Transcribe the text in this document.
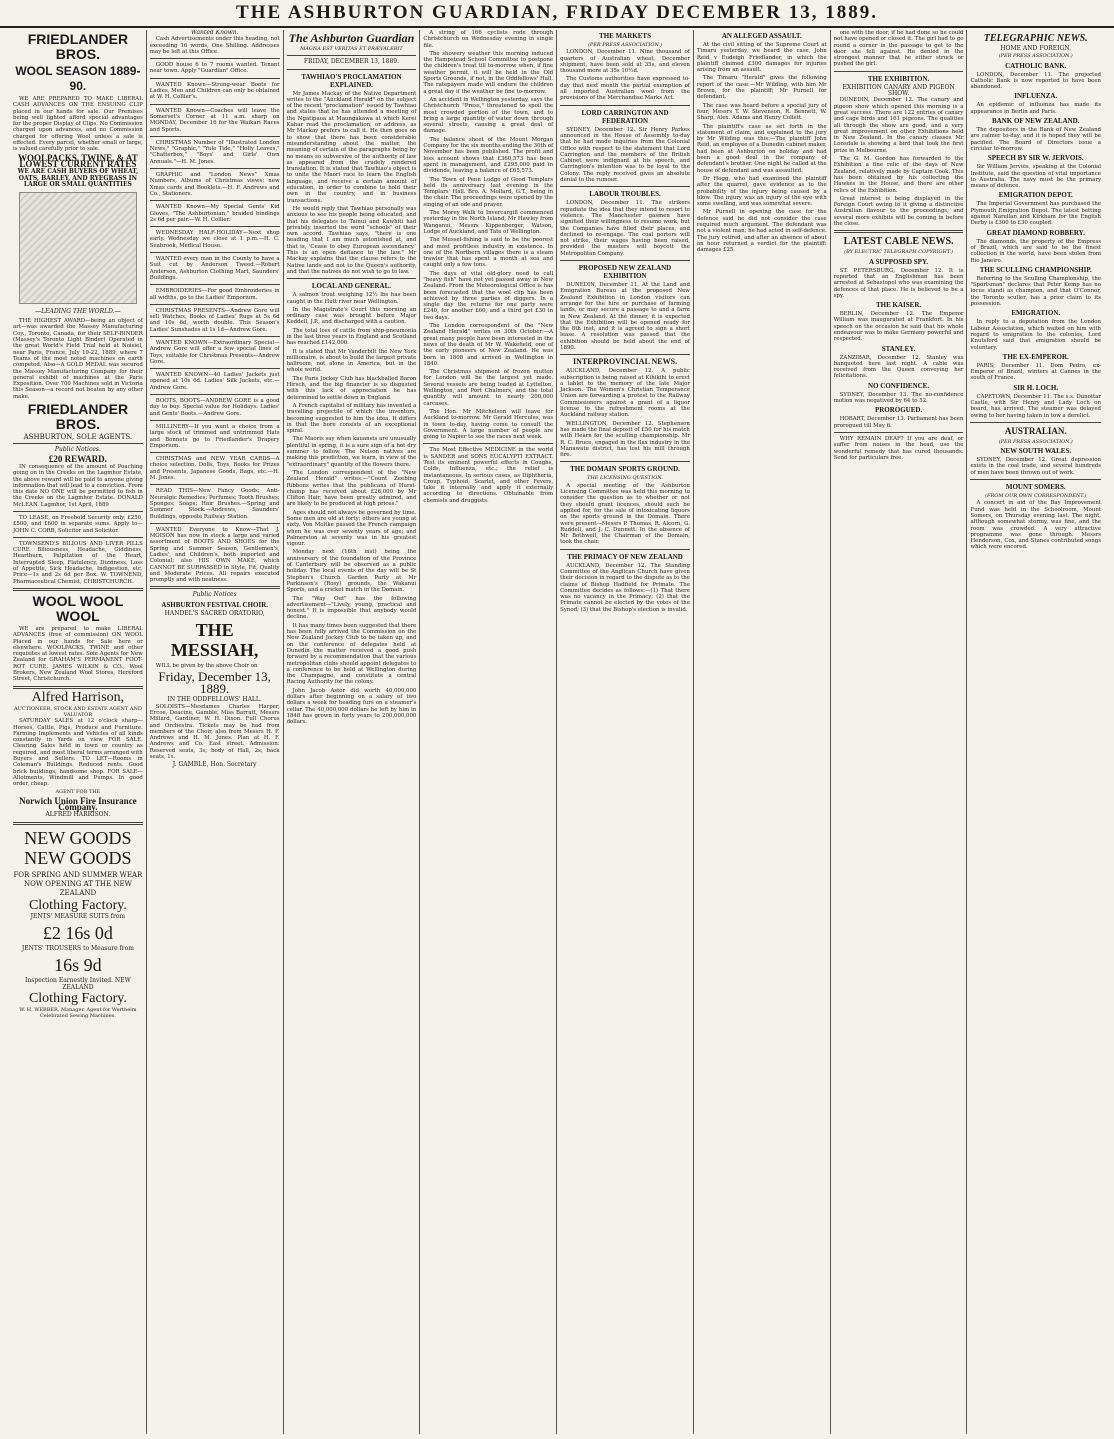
THE ASHBURTON GUARDIAN, FRIDAY DECEMBER 13, 1889.
FRIEDLANDER BROS.
WOOL SEASON 1889-90.

WE ARE PREPARED TO MAKE LIBERAL CASH ADVANCES ON THE ENSUING CLIP placed in our hands for sale. Our Premises being well lighted afford special advantages for the proper Display of Clips. No Commission charged upon advances, and no Commission charged for offering Wool unless a sale is effected. Every parcel, whether small or large, is valued carefully prior to sale.

WOOLPACKS, TWINE, & AT LOWEST CURRENT RATES
WE ARE CASH BUYERS OF WHEAT, OATS, BARLEY, AND RYEGRASS IN LARGE OR SMALL QUANTITIES
—LEADING THE WORLD.—

THE HIGHEST AWARD—being an object of art—was awarded the Massey Manufacturing Coy., Toronto, Canada, for their SELF-BINDER (Massey's Toronto Light Binder) Operated in the great World's Field Trial held at Noisiel, near Paris, France, July 19-22, 1889, where 7 Teams of the most noted machines on earth competed. Also—A GOLD MEDAL was secured the Massey Manufacturing Company for their general exhibit of machines at the Paris Exposition. Over 700 Machines sold in Victoria this Season—a record not beaten by any other make.

FRIEDLANDER BROS.
ASHBURTON, SOLE AGENTS.
Public Notices.
£20 REWARD.

IN consequence of the amount of Poaching going on in the Creeks on the Lagmhor Estate, the above reward will be paid to anyone giving information that will lead to a conviction. From this date NO ONE will be permitted to fish in the Creeks on the Lagmhor Estate. DONALD McLEAN. Lagmhor, 1st April, 1889

TO LEASE, on Freehold Security only, £250, £500, and £600 in separate sums. Apply to— JOHN C. CORB, Solicitor and Solicitor.

TOWNSEND'S BILIOUS AND LIVER PILLS CURE Biliousness, Headache, Giddiness, Heartburn, Palpitation of the Heart, Interrupted Sleep, Flatulency, Dizziness, Loss of Appetite, Sick Headache, Indigestion, etc. Price—1s and 2s 6d per Box. W. TOWNEND, Pharmaceutical Chemist, CHRISTCHURCH.

WOOL WOOL WOOL

WE are prepared to make LIBERAL ADVANCES (free of commission) ON WOOL Placed in our hands for Sale here or elsewhere. WOOLPACKS, TWINE and other requisites at lowest rates. Sole Agents for New Zealand for GRAHAM'S PERMANENT FOOT-ROT CURE. JAMES WILKIN & CO., Wool Brokers, New Zealand Wool Stores, Hereford Street, Christchurch.

Alfred Harrison,
AUCTIONEER, STOCK AND ESTATE AGENT AND VALUATOR

SATURDAY SALES at 12 o'clock sharp—Horses, Cattle, Pigs, Produce and Furniture. Farming Implements and Vehicles of all kinds constantly in Yards on view FOR SALE. Clearing Sales held in town or country as required, and most liberal terms arranged with Buyers and Sellers. TO LET—Rooms in Coleman's Buildings. Reduced rents. Good brick buildings; handsome shop. FOR SALE—Allotments, Windmill and Pumps. In good order, cheap.

AGENT FOR THE
Norwich Union Fire Insurance Company.
ALFRED HARRISON.
NEW GOODS NEW GOODS
FOR SPRING AND SUMMER WEAR NOW OPENING AT THE NEW ZEALAND
Clothing Factory.
JENTS' MEASURE SUITS from
£2 16s 0d
JENTS' TROUSERS to Measure from
16s 9d
Inspection Earnestly Invited. NEW ZEALAND
Clothing Factory.
W. H. WEBBER, Manager. Agent for Wertheim Celebrated Sewing Machines.
Wanted Known.

Cash Advertisements under this heading, not exceeding 16 words, One Shilling. Addresses may be left at this Office.

GOOD house 6 to 7 rooms wanted. Tenant near town. Apply "Guardian" Office.

WANTED Known—Strong-wear Boots for Ladies, Men and Children can only be obtained at W. H. Collier's.

WANTED Known—Coaches will leave the Somerset's Corner at 11 a.m. sharp on MONDAY, December 16 for the Waikari Races and Sports.

CHRISTMAS Number of "Illustrated London News," "Graphic," "Yule Tide," "Holly Leaves," "Chatterbox," "Boys' and Girls' Own Annuals."—H. M. Jones.

GRAPHIC and "London News" Xmas Numbers, Albums of Christmas views; new Xmas cards and Booklets.—H. F. Andrews and Co., Stationers.

WANTED Known—My Special Gents' Kid Gloves, "The Ashburtonian," braided bindings 2s 6d per pair.—W. H. Collier.

WEDNESDAY HALF-HOLIDAY—Next shop early. Wednesday we close at 1 p.m.—H. C. Seabrook, Medical House.

WANTED every man in the County to have a Suit cut by Anderson Tweed.—Robert Anderson, Ashburton Clothing Mart, Saunders' Buildings.

EMBROIDERIES—For good Embroideries in all widths, go to the Ladies' Emporium.

CHRISTMAS PRESENTS—Andrew Gore will sell Watches, Books of Ladies' Rugs at 5s 6d and 10s 6d, worth double. This Season's Ladies' Sunshades at 1s 1d—Andrew Gore.

WANTED KNOWN—Extraordinary Special—Andrew Gore will offer a few special lines of Toys, suitable for Christmas Presents—Andrew Gore.

WANTED KNOWN—40 Ladies' Jackets just opened at 10s 6d. Ladies' Silk Jackets, etc.—Andrew Gore.

BOOTS, BOOTS—ANDREW GORE is a good day to buy. Special value for Holidays. Ladies' and Gents' Boots.—Andrew Gore.

MILLINERY—If you want a choice from a large stock of trimmed and untrimmed Hats and Bonnets go to Friedlander's Drapery Emporium.

CHRISTMAS and NEW YEAR CARDS—A choice selection. Dolls, Toys, Books for Prizes and Presents, Japanese Goods, Bags, etc.—H. M. Jones.

READ THIS—New Fancy Goods; Anti-Neuralgic Remedies; Perfumes; Tooth Brushes; Sponges; Soaps; Hair Brushes.—Spring and Summer Stock.—Andrews, Saunders' Buildings, opposite Railway Station.

WANTED Everyone to Know—That J. MOISON has now in stock a large and varied assortment of BOOTS AND SHOES for the Spring and Summer Season, Gentlemen's, Ladies', and Children's, both imported and Colonial; also HIS OWN MAKE, which CANNOT BE SURPASSED in Style, Fit, Quality and Moderate Prices. All repairs executed promptly and with neatness.

Public Notices
ASHBURTON FESTIVAL CHOIR.
HANDEL'S SACRED ORATORIO,
THE MESSIAH,

WILL be given by the above Choir on

Friday, December 13, 1889.
IN THE ODDFELLOWS' HALL.

SOLOISTS—Mesdames Charles Harper, Ercoe, Deacine, Gamble, Miss Barratt, Messrs Millard, Gardiner, W. H. Dixon. Full Chorus and Orchestra. Tickets may be had from members of the Choir, also from Messrs H. F. Andrews and H. M. Jones. Plan at H. F. Andrews and Co. East street. Admission: Reserved seats, 3s; body of Hall, 2s; back seats, 1s.

J. GAMBLE, Hon. Secretary
The Ashburton Guardian
MAGNA EST VERITAS ET PRÆVALEBIT
FRIDAY, DECEMBER 13, 1889.
TAWHIAO'S PROCLAMATION EXPLAINED.

Mr James Mackay of the Native Department writes to the "Auckland Herald" on the subject of the recent "proclamation" issued by Tawhiao and states that he has attended a meeting of the Ngatipaoa at Maungakawa at which Kerei Kahar read the proclamation, or address, as Mr Mackay prefers to call it. He then goes on to show that there has been considerable misunderstanding about the matter, the meaning of certain of the paragraphs being by no means so subversive of the authority of law as appeared from the crudely rendered translation. It is stated that Tawhiao's object is to unite the Maori race to learn the English language, and receive a certain amount of education, in order to combine to hold their own in the country, and in business transactions.

He would reply that Tawhiao personally was anxious to see his people being educated, and that his delegates to Tainui and Kawhiti had privately inserted the word "schools" of their own accord. Tawhiao says, "there is one heading that I am much astonished at, and that is, 'Cease to obey European ascendancy.' This is an open defiance to the law." Mr Mackay explains that the clause refers to the Native lands and not to the Queen's authority, and that the natives do not wish to go to law.

LOCAL AND GENERAL.

A salmon trout weighing 12½ lbs has been caught in the Hutt river near Wellington.

In the Magistrate's Court this morning an ordinary case was brought before Major Keddell, J.P., and discharged with a caution.

The total loss of cattle from ship-pneumonia in the last three years in England and Scotland has reached £142,000.

It is stated that Mr Vanderbilt the New York millionaire, is about to build the largest private ballroom, not alone in America, but in the whole world.

The Paris Jockey Club has blackballed Baron Hirsch, and the big financier is so disgusted with this lack of appreciation he has determined to settle down in England.

A French capitalist of military has invented a travelling projectile of which the inventors, becoming suggested to him the idea. It differs in that the bore consists of an exceptional spiral.

The Maoris say when kauaneis are unusually plentiful in spring, it is a sure sign of a hot dry summer to follow. The Nelson natives are making this prediction, we learn, in view of the "extraordinary" quantity of the flowers there.

The London correspondent of the "New Zealand Herald" writes:—"Count Zeebing Ribbons writes that the publicans of Hurst-champ has received about £26,000 by Mr Clifton Hair, have been greatly admired, and are likely to be produced at high prices."

Ages should not always be governed by time. Some men are old at forty; others are young at sixty. Von Moltke passed the French campaign when he was over seventy years of age; and Palmerston at seventy was in his greatest vigour.

Monday next (16th inst) being the anniversary of the foundation of the Province of Canterbury will be observed as a public holiday. The local events of the day will be St Stephen's Church Garden Party at Mr Parkinson's (Rosy) grounds, the Wakanui Sports, and a cricket match in the Domain.

The "Way Out" has the following advertisement—"Lively, young, practical and honest." It is impossible that anybody would decline.

It has many times been suggested that there has been fully arrived the Commission on the New Zealand Jockey Club to be taken up, and on the conference of delegates held at Dunedin the matter received a good push forward by a recommendation that the various metropolitan clubs should appoint delegates to a conference to be held at Wellington during the Champagne, and constitute a central Racing Authority for the colony.

John Jacob Astor did worth 40,000,000 dollars after beginning on a salary of two dollars a week for heading furs on a steamer's cellar. The 40,000,000 dollars he left by him in 1848 has grown in forty years to 200,000,000 dollars.

A string of 166 cyclists rode through Christchurch on Wednesday evening in single file.

The showery weather this morning induced the Hampstead School Committee to postpone the children's treat till to-morrow when, if fine weather permit, it will be held in the Old Sports Grounds, if not, in the Oddfellows' Hall. The ratepayers made will endure the children a great day if the weather be fine to-morrow.

An accident in Wellington yesterday, says the Christchurch "Press," threatened to spoil the most crowded portion of the town, and to bring a large quantity of water down through several streets, causing a great deal of damage.

The balance sheet of the Mount Morgan Company for the six months ending the 30th of November has been published. The profit and loss account shows that £360,573 has been spent in management, and £295,000 paid in dividends, leaving a balance of £65,573.

The Town of Penn Lodge of Good Templars held its anniversary last evening in the Templars' Hall. Bro. A. Mollard, G.T., being in the chair. The proceedings were opened by the singing of an ode and prayer.

The Morey Walk to Invercargill commenced yesterday in the North Island; Mr Hawley from Wanganui, Messrs Kippenberger, Watson, Lodge of Auckland, and Tate of Wellington.

The Mussel-fishing is said to be the poorest and most profitless industry in existence. In one of the Northern villages there is a steam trawler that has spent a month at sea and caught only a few tons.

The days of vital old-glory need to call "heavy fish" have not yet passed away in New Zealand. From the Meteorological Office is has been forecasted that the wool clip has been achieved by three parties of diggers. In a single day the returns for one party were £240, for another £60, and a third got £30 in two days.

The London correspondent of the "New Zealand Herald" writes on 30th October:—A great many people have been interested in the news of the death of Mr W. Wakefield, one of the early pioneers of New Zealand. He was born in 1808 and arrived in Wellington in 1840.

The Christmas shipment of frozen mutton for London will be the largest yet made. Several vessels are being loaded at Lyttelton, Wellington, and Port Chalmers, and the total quantity will amount to nearly 200,000 carcases.

The Hon. Mr Mitchelson will leave for Auckland to-morrow. Mr Gerald Hercules, was in town to-day, having come to consult the Government. A large number of people are going to Napier to see the races next week.

The Most Effective MEDICINE in the world is SANDER and SONS EUCALYPTI EXTRACT. Test its eminent powerful effects in Coughs, Colds, Influenza, etc.; the relief is instantaneous. In serious cases, as Diphtheria, Croup, Typhoid, Scarlet, and other Fevers, take it internally and apply it externally according to directions. Obtainable from chemists and druggists.

THE MARKETS
(PER PRESS ASSOCIATION.)

LONDON, December 11. Nine thousand of quarters of Australian wheat, December shipment, have been sold at 35s, and eleven thousand more at 35s 10½d.

The Customs authorities have expressed to-day that next month the partial exemption of all imported Australian wool from the provisions of the Merchandise Marks Act.

LORD CARRINGTON AND FEDERATION

SYDNEY, December 12. Sir Henry Parkes announced in the House of Assembly to-day that he had made inquiries from the Colonial Office with respect to the statement that Lord Carrington and the members of the British Cabinet were indignant at his speech, and Carrington's intention was to be loyal to the Colony. The reply received gives an absolute denial to the rumour.

LABOUR TROUBLES.

LONDON, December 11. The strikers repudiate the idea that they intend to resort to violence. The Manchester gasmen have signified their willingness to resume work, but the Companies have filled their places, and declined to re-engage. The coal porters will not strike, their wages having been raised, provided the masters will boycott the Metropolitan Company.

PROPOSED NEW ZEALAND EXHIBITION

DUNEDIN, December 11. At the Land and Emigration Bureau at the proposed New Zealand Exhibition in London visitors can arrange for the hire or purchase of farming lands, or may secure a passage to and a farm in New Zealand. At the dinner, it is expected that the Exhibition will be opened ready for the 8th inst, and it is agreed to sign a short lease. A resolution was passed that the exhibition should be held about the end of 1890.

INTERPROVINCIAL NEWS.

AUCKLAND, December 12. A public subscription is being raised at Kihikihi to erect a tablet to the memory of the late Major Jackson. The Women's Christian Temperance Union are forwarding a protest to the Railway Commissioners against a grant of a liquor license to the refreshment rooms at the Auckland railway station.

WELLINGTON, December 12. Stephenson has made the final deposit of £50 for his match with Hearn for the sculling championship. Mr R. C. Bruce, engaged in the flax industry in the Manawatu district, has lost his mill through fire.

THE DOMAIN SPORTS GROUND.
THE LICENSING QUESTION.

A special meeting of the Ashburton Licensing Committee was held this morning to consider the question as to whether or not they should grant licences, should such be applied for, for the sale of intoxicating liquors on the sports ground in the Domain. There were present—Messrs P. Thomas, R. Alcorn, G. Ruddell, and J. C. Dunnett. In the absence of Mr Bothwell, the Chairman of the Domain, took the chair.

THE PRIMACY OF NEW ZEALAND

AUCKLAND, December 12. The Standing Committee of the Anglican Church have given their decision in regard to the dispute as to the claims of Bishop Hadfield for Primate. The Committee decides as follows:—(1) That there was no vacancy in the Primacy; (2) that the Primate cannot be elected by the votes of the Synod; (3) that the Bishop's election is invalid.

AN ALLEGED ASSAULT.

At the civil sitting of the Supreme Court at Timaru yesterday, we heard the case, John Reid v Eudeigh Friedlander, in which the plaintiff claimed £300 damages for injuries arising from an assault.

The Timaru "Herald" gives the following report of the case:—Mr Wilding, with him Mr Brown, for the plaintiff; Mr Purnell for defendant.

The case was heard before a special jury of four, Messrs T. W. Stevenson, R. Bennett, W. Sharp, Alex. Adams and Henry Collett.

The plaintiff's case as set forth in the statement of claim, and explained to the jury by Mr Wilding was this:—The plaintiff John Reid, an employee of a Dunedin cabinet maker, had been at Ashburton on holiday and had been a good deal in the company of defendant's brother. One night he called at the house of defendant and was assaulted.

Dr Hogg, who had examined the plaintiff after the quarrel, gave evidence as to the probability of the injury being caused by a blow. The injury was an injury of the eye with some swelling, and was somewhat severe.

Mr Purnell in opening the case for the defence said he did not consider the case required much argument. The defendant was not a violent man; he had acted in self-defence. The jury retired, and after an absence of about an hour returned a verdict for the plaintiff; damages £25.

one with the door, if he had done so he could not have opened or closed it. The girl had to go round a corner in the passage to get to the door she fell against. He denied in the strongest manner that he either struck or pushed the girl.

THE EXHIBITION.
EXHIBITION CANARY AND PIGEON SHOW.

DUNEDIN, December 12. The canary and pigeon show which opened this morning is a great success. There are 122 entries of canary and cage birds and 161 pigeons. The qualities all through the show are good, and a very great improvement on other Exhibitions held in New Zealand. In the canary classes Mr Lonsdale is showing a bird that took the first prize in Melbourne.

The G. M. Gordon has forwarded to the Exhibition a fine relic of the days of New Zealand, relatively made by Captain Cook. This has been obtained by his collecting the Hawkes in the House, and there are other relics of the Exhibition.

Great interest is being displayed in the Foreign Court owing to it giving a distinctive Australian flavour to the proceedings, and several more exhibits will be coming in before the close.

LATEST CABLE NEWS.
(BY ELECTRIC TELEGRAPH COPYRIGHT.)
A SUPPOSED SPY.

ST. PETERSBURG, December 12. It is reported that an Englishman has been arrested at Sebastopol who was examining the defences of that place. He is believed to be a spy.

THE KAISER.

BERLIN, December 12. The Emperor William was inaugurated at Frankfort. In his speech on the occasion he said that his whole endeavour was to make Germany powerful and respected.

STANLEY.

ZANZIBAR, December 12. Stanley was banqueted here last night. A cable was received from the Queen conveying her felicitations.

NO CONFIDENCE.

SYDNEY, December 13. The no-confidence motion was negatived by 64 to 52.

PROROGUED.

HOBART, December 13. Parliament has been prorogued till May 6.

WHY REMAIN DEAF? If you are deaf, or suffer from noises in the head, use the wonderful remedy that has cured thousands. Send for particulars free.

TELEGRAPHIC NEWS.
HOME AND FOREIGN.
(PER PRESS ASSOCIATION.)
CATHOLIC BANK.

LONDON, December 11. The projected Catholic Bank is now reported to have been abandoned.

INFLUENZA.

An epidemic of influenza has made its appearance in Berlin and Paris.

BANK OF NEW ZEALAND.

The depositors in the Bank of New Zealand are calmer to-day, and it is hoped they will be pacified. The Board of Directors issue a circular to-morrow.

SPEECH BY SIR W. JERVOIS.

Sir William Jervois, speaking at the Colonial Institute, said the question of vital importance to Australia. The navy must be the primary means of defence.

EMIGRATION DEPOT.

The Imperial Government has purchased the Plymouth Emigration Depot. The latest betting against Narellan and Kirkham for the English Derby is £300 to £30 coupled.

GREAT DIAMOND ROBBERY.

The diamonds, the property of the Empress of Brazil, which are said to be the finest collection in the world, have been stolen from Rio Janeiro.

THE SCULLING CHAMPIONSHIP.

Referring to the Sculling Championship, the "Sportsman" declares that Peter Kemp has no locus standi as champion, and that O'Connor, the Toronto sculler, has a prior claim to its possession.

EMIGRATION.

In reply to a deputation from the London Labour Association, which waited on him with regard to emigration to the colonies, Lord Knutsford said that emigration should be voluntary.

THE EX-EMPEROR.

PARIS, December 11. Dom Pedro, ex-Emperor of Brazil, winters at Cannes in the south of France.

SIR H. LOCH.

CAPETOWN, December 11. The s.s. Dunottar Castle, with Sir Henry and Lady Loch on board, has arrived. The steamer was delayed owing to her having taken in tow a derelict.

AUSTRALIAN.
(PER PRESS ASSOCIATION.)
NEW SOUTH WALES.

SYDNEY, December 12. Great depression exists in the coal trade, and several hundreds of men have been thrown out of work.

MOUNT SOMERS.
(FROM OUR OWN CORRESPONDENT.)

A concert in aid of the Bay Improvement Fund was held in the Schoolroom, Mount Somers, on Thursday evening last. The night, although somewhat stormy, was fine, and the room was crowded. A very attractive programme was gone through. Messrs Henderson, Cox, and Stanes contributed songs which were encored.
